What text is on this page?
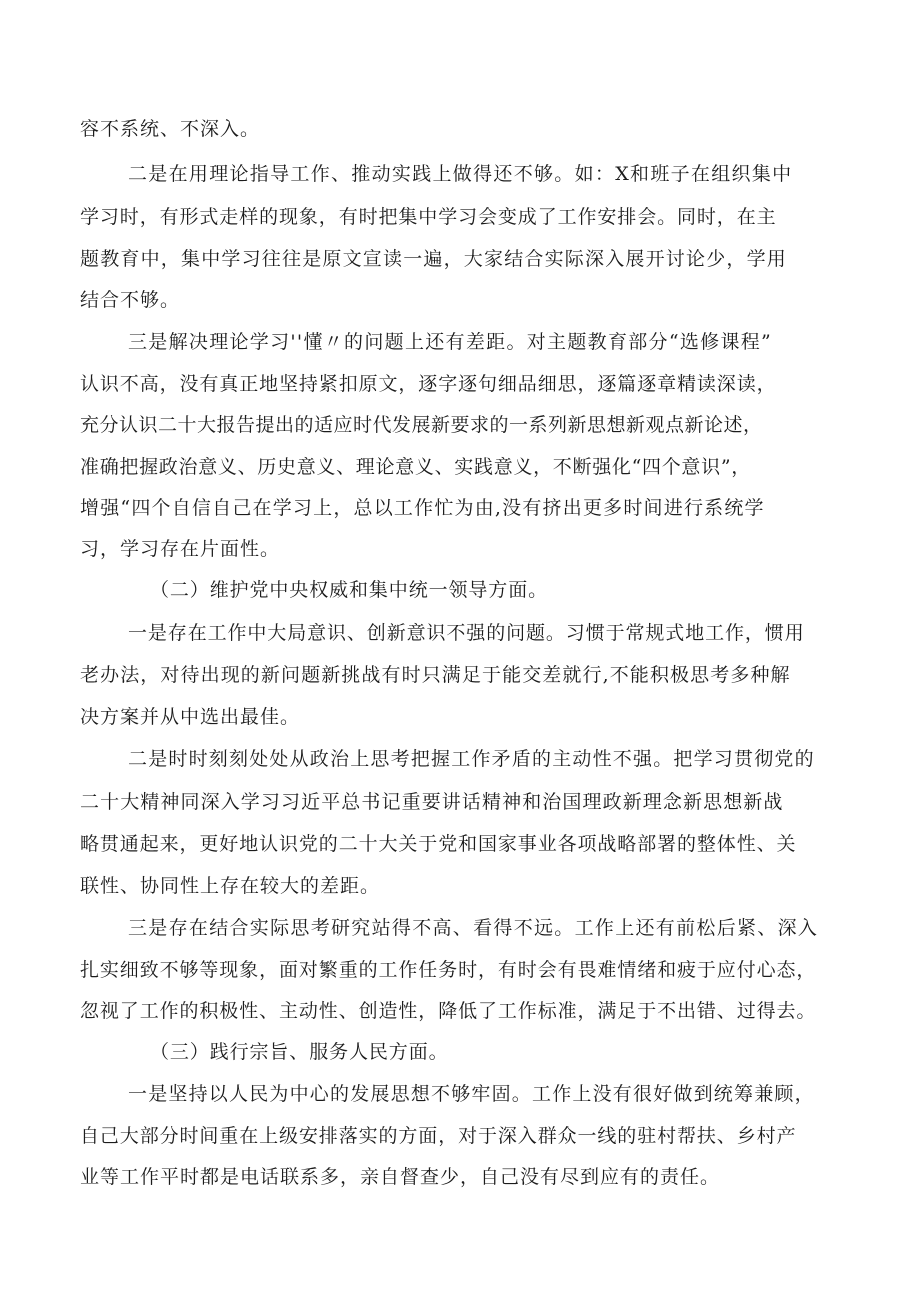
容不系统、不深入。

二是在用理论指导工作、推动实践上做得还不够。如：X和班子在组织集中

学习时，有形式走样的现象，有时把集中学习会变成了工作安排会。同时，在主

题教育中，集中学习往往是原文宣读一遍，大家结合实际深入展开讨论少，学用

结合不够。

三是解决理论学习''懂〃的问题上还有差距。对主题教育部分“选修课程”

认识不高，没有真正地坚持紧扣原文，逐字逐句细品细思，逐篇逐章精读深读，

充分认识二十大报告提出的适应时代发展新要求的一系列新思想新观点新论述，

准确把握政治意义、历史意义、理论意义、实践意义，不断强化“四个意识”，

增强“四个自信自己在学习上，总以工作忙为由,没有挤出更多时间进行系统学

习，学习存在片面性。

（二）维护党中央权威和集中统一领导方面。

一是存在工作中大局意识、创新意识不强的问题。习惯于常规式地工作，惯用

老办法，对待出现的新问题新挑战有时只满足于能交差就行,不能积极思考多种解

决方案并从中选出最佳。

二是时时刻刻处处从政治上思考把握工作矛盾的主动性不强。把学习贯彻党的

二十大精神同深入学习习近平总书记重要讲话精神和治国理政新理念新思想新战

略贯通起来，更好地认识党的二十大关于党和国家事业各项战略部署的整体性、关

联性、协同性上存在较大的差距。

三是存在结合实际思考研究站得不高、看得不远。工作上还有前松后紧、深入

扎实细致不够等现象，面对繁重的工作任务时，有时会有畏难情绪和疲于应付心态，

忽视了工作的积极性、主动性、创造性，降低了工作标准，满足于不出错、过得去。

（三）践行宗旨、服务人民方面。

一是坚持以人民为中心的发展思想不够牢固。工作上没有很好做到统筹兼顾，

自己大部分时间重在上级安排落实的方面，对于深入群众一线的驻村帮扶、乡村产

业等工作平时都是电话联系多，亲自督查少，自己没有尽到应有的责任。
